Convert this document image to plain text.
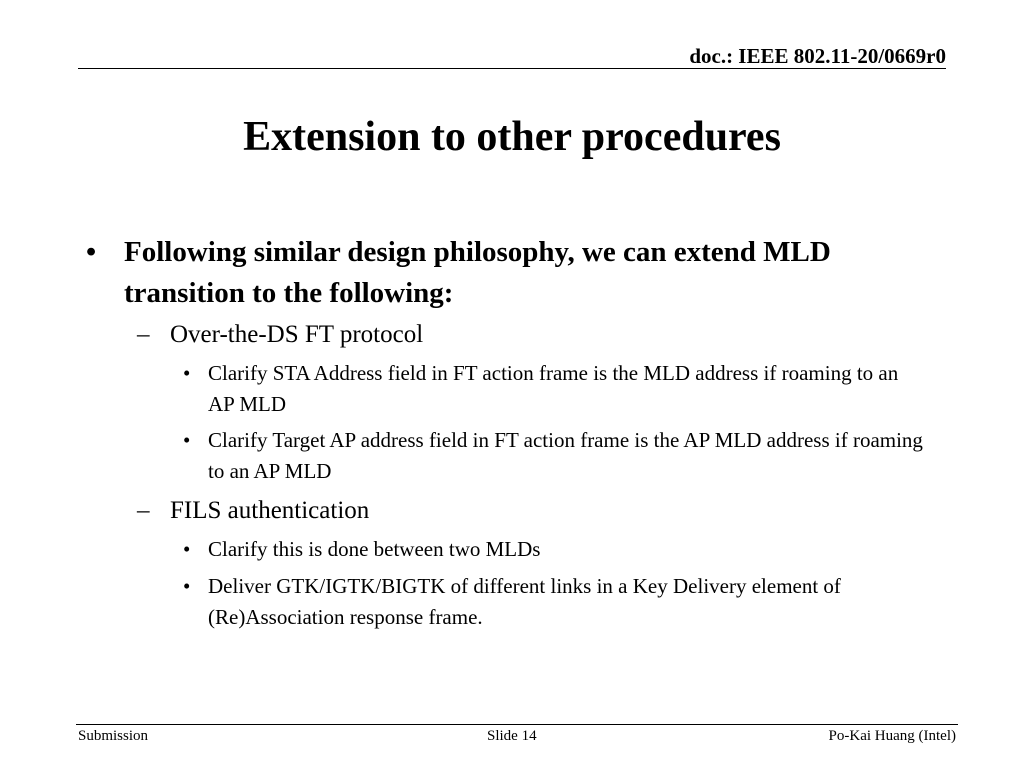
doc.: IEEE 802.11-20/0669r0
Extension to other procedures
• Following similar design philosophy, we can extend MLD transition to the following:
– Over-the-DS FT protocol
• Clarify STA Address field in FT action frame is the MLD address if roaming to an AP MLD
• Clarify Target AP address field in FT action frame is the AP MLD address if roaming to an AP MLD
– FILS authentication
• Clarify this is done between two MLDs
• Deliver GTK/IGTK/BIGTK of different links in a Key Delivery element of (Re)Association response frame.
Submission	Slide 14	Po-Kai Huang (Intel)
